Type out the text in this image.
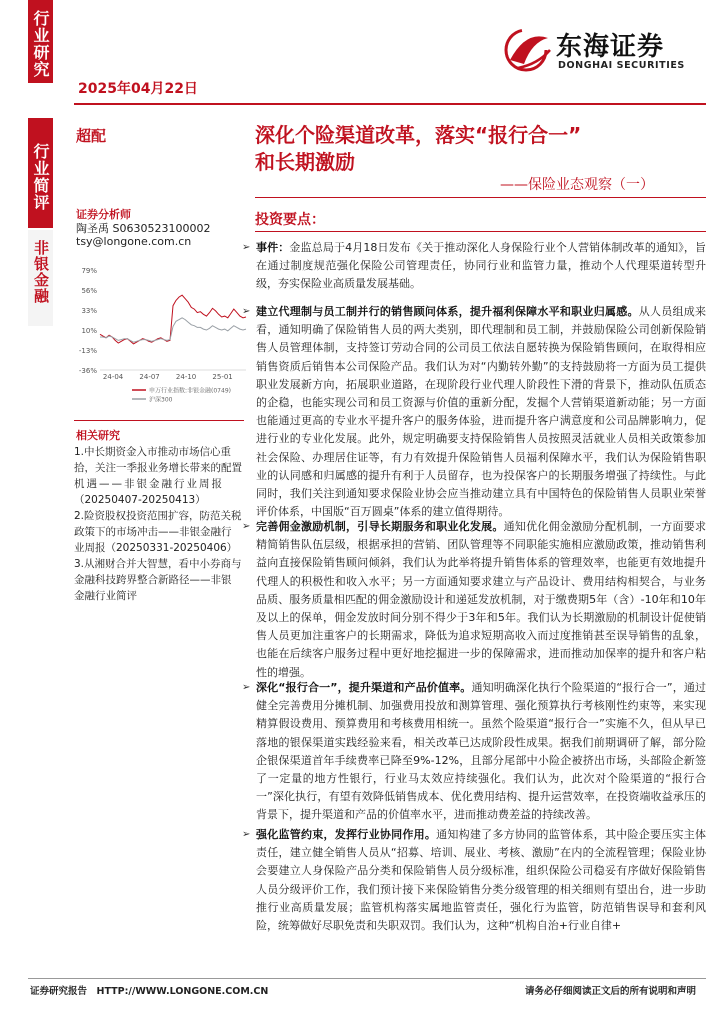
行业研究
行业简评
非银金融
2025年04月22日
东海证券
DONGHAI SECURITIES
超配	深化个险渠道改革，落实“报行合一”
和长期激励
——保险业态观察（一）
证券分析师
陶圣禹 S0630523100002
tsy@longone.com.cn
79%
56%
33%
10%
-13%
-36%
24-04 24-07 24-10 25-01
申万行业指数:非银金融(0749)
沪深300
相关研究
1.中长期资金入市推动市场信心重
拾，关注一季报业务增长带来的配置
机遇——非银金融行业周报
（20250407-20250413）
2.险资股权投资范围扩容，防范关税
政策下的市场冲击——非银金融行
业周报（20250331-20250406）
3.从湘财合并大智慧，看中小券商与
金融科技跨界整合新路径——非银
金融行业简评
投资要点：
➢ 事件：金监总局于4月18日发布《关于推动深化人身保险行业个人营销体制改革的通知》，旨在通过制度规范强化保险公司管理责任，协同行业和监管力量，推动个人代理渠道转型升级，夯实保险业高质量发展基础。
➢ 建立代理制与员工制并行的销售顾问体系，提升福利保障水平和职业归属感。从人员组成来看，通知明确了保险销售人员的两大类别，即代理制和员工制，并鼓励保险公司创新保险销售人员管理体制，支持签订劳动合同的公司员工依法自愿转换为保险销售顾问，在取得相应销售资质后销售本公司保险产品。我们认为对“内勤转外勤”的支持鼓励将一方面为员工提供职业发展新方向，拓展职业道路，在现阶段行业代理人阶段性下滑的背景下，推动队伍质态的企稳，也能实现公司和员工资源与价值的重新分配，发掘个人营销渠道新动能；另一方面也能通过更高的专业水平提升客户的服务体验，进而提升客户满意度和公司品牌影响力，促进行业的专业化发展。此外，规定明确要支持保险销售人员按照灵活就业人员相关政策参加社会保险、办理居住证等，有力有效提升保险销售人员福利保障水平，我们认为保险销售职业的认同感和归属感的提升有利于人员留存，也为投保客户的长期服务增强了持续性。与此同时，我们关注到通知要求保险业协会应当推动建立具有中国特色的保险销售人员职业荣誉评价体系，中国版“百万圆桌”体系的建立值得期待。
➢ 完善佣金激励机制，引导长期服务和职业化发展。通知优化佣金激励分配机制，一方面要求精简销售队伍层级，根据承担的营销、团队管理等不同职能实施相应激励政策，推动销售利益向直接保险销售顾问倾斜，我们认为此举将提升销售体系的管理效率，也能更有效地提升代理人的积极性和收入水平；另一方面通知要求建立与产品设计、费用结构相契合，与业务品质、服务质量相匹配的佣金激励设计和递延发放机制，对于缴费期5年（含）-10年和10年及以上的保单，佣金发放时间分别不得少于3年和5年。我们认为长期激励的机制设计促使销售人员更加注重客户的长期需求，降低为追求短期高收入而过度推销甚至误导销售的乱象，也能在后续客户服务过程中更好地挖掘进一步的保障需求，进而推动加保率的提升和客户粘性的增强。
➢ 深化“报行合一”，提升渠道和产品价值率。通知明确深化执行个险渠道的“报行合一”，通过健全完善费用分摊机制、加强费用投放和测算管理、强化预算执行考核刚性约束等，来实现精算假设费用、预算费用和考核费用相统一。虽然个险渠道“报行合一”实施不久，但从早已落地的银保渠道实践经验来看，相关改革已达成阶段性成果。据我们前期调研了解，部分险企银保渠道首年手续费率已降至9%-12%，且部分尾部中小险企被挤出市场，头部险企新签了一定量的地方性银行，行业马太效应持续强化。我们认为，此次对个险渠道的“报行合一”深化执行，有望有效降低销售成本、优化费用结构、提升运营效率，在投资端收益承压的背景下，提升渠道和产品的价值率水平，进而推动费差益的持续改善。
➢ 强化监管约束，发挥行业协同作用。通知构建了多方协同的监管体系，其中险企要压实主体责任，建立健全销售人员从“招募、培训、展业、考核、激励”在内的全流程管理；保险业协会要建立人身保险产品分类和保险销售人员分级标准，组织保险公司稳妥有序做好保险销售人员分级评价工作，我们预计接下来保险销售分类分级管理的相关细则有望出台，进一步助推行业高质量发展；监管机构落实属地监管责任，强化行为监管，防范销售误导和套利风险，统筹做好尽职免责和失职双罚。我们认为，这种“机构自治+行业自律+
证券研究报告　HTTP://WWW.LONGONE.COM.CN	请务必仔细阅读正文后的所有说明和声明
